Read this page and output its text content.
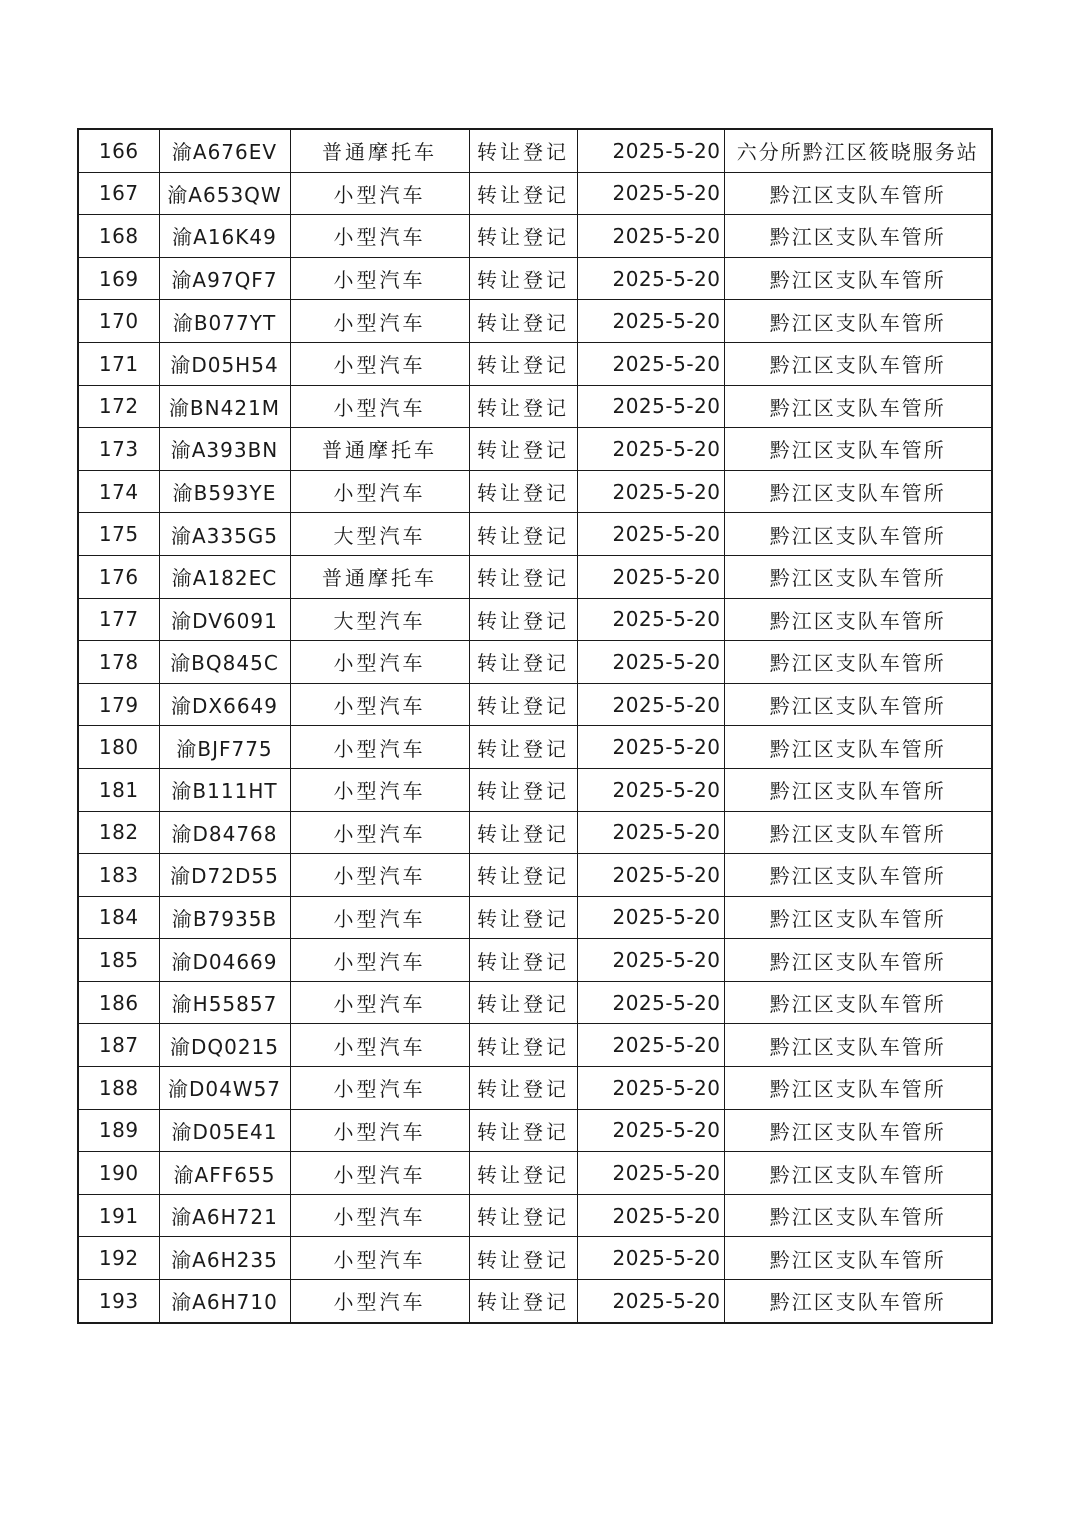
166	渝A676EV	普通摩托车	转让登记	2025-5-20	六分所黔江区筱晓服务站
167	渝A653QW	小型汽车	转让登记	2025-5-20	黔江区支队车管所
168	渝A16K49	小型汽车	转让登记	2025-5-20	黔江区支队车管所
169	渝A97QF7	小型汽车	转让登记	2025-5-20	黔江区支队车管所
170	渝B077YT	小型汽车	转让登记	2025-5-20	黔江区支队车管所
171	渝D05H54	小型汽车	转让登记	2025-5-20	黔江区支队车管所
172	渝BN421M	小型汽车	转让登记	2025-5-20	黔江区支队车管所
173	渝A393BN	普通摩托车	转让登记	2025-5-20	黔江区支队车管所
174	渝B593YE	小型汽车	转让登记	2025-5-20	黔江区支队车管所
175	渝A335G5	大型汽车	转让登记	2025-5-20	黔江区支队车管所
176	渝A182EC	普通摩托车	转让登记	2025-5-20	黔江区支队车管所
177	渝DV6091	大型汽车	转让登记	2025-5-20	黔江区支队车管所
178	渝BQ845C	小型汽车	转让登记	2025-5-20	黔江区支队车管所
179	渝DX6649	小型汽车	转让登记	2025-5-20	黔江区支队车管所
180	渝BJF775	小型汽车	转让登记	2025-5-20	黔江区支队车管所
181	渝B111HT	小型汽车	转让登记	2025-5-20	黔江区支队车管所
182	渝D84768	小型汽车	转让登记	2025-5-20	黔江区支队车管所
183	渝D72D55	小型汽车	转让登记	2025-5-20	黔江区支队车管所
184	渝B7935B	小型汽车	转让登记	2025-5-20	黔江区支队车管所
185	渝D04669	小型汽车	转让登记	2025-5-20	黔江区支队车管所
186	渝H55857	小型汽车	转让登记	2025-5-20	黔江区支队车管所
187	渝DQ0215	小型汽车	转让登记	2025-5-20	黔江区支队车管所
188	渝D04W57	小型汽车	转让登记	2025-5-20	黔江区支队车管所
189	渝D05E41	小型汽车	转让登记	2025-5-20	黔江区支队车管所
190	渝AFF655	小型汽车	转让登记	2025-5-20	黔江区支队车管所
191	渝A6H721	小型汽车	转让登记	2025-5-20	黔江区支队车管所
192	渝A6H235	小型汽车	转让登记	2025-5-20	黔江区支队车管所
193	渝A6H710	小型汽车	转让登记	2025-5-20	黔江区支队车管所
